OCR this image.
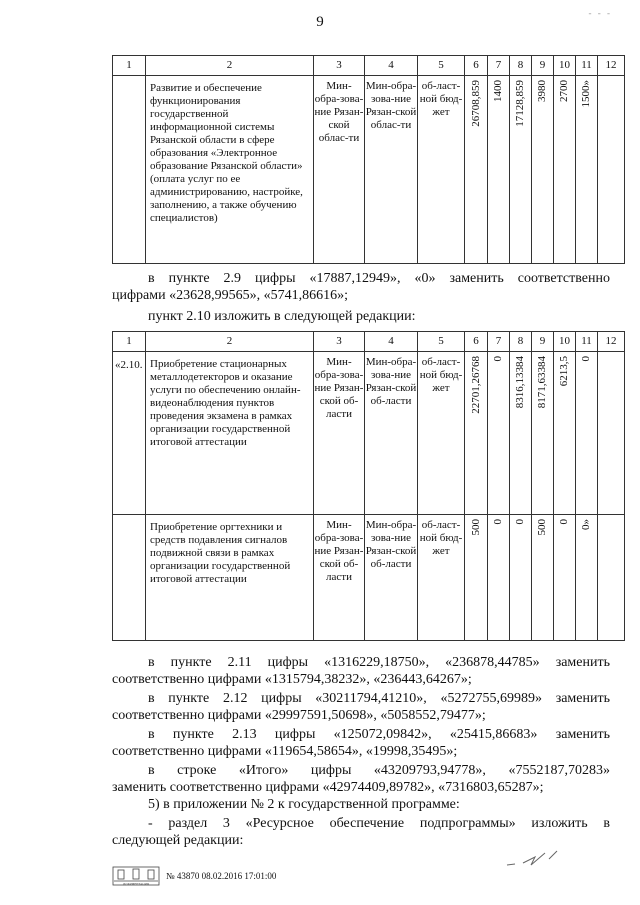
9
- - -
1	2	3	4	5	6	7	8	9	10	11	12
	Развитие и обеспечение функционирования государственной информационной системы Рязанской области в сфере образования «Электронное образование Рязанской области» (оплата услуг по ее администрированию, настройке, заполнению, а также обучению специалистов)	Мин-обра-зова-ние Рязан-ской облас-ти	Мин-обра-зова-ние Рязан-ской облас-ти	об-ласт-ной бюд-жет	26708,859	1400	17128,859	3980	2700	1500»	

в пункте 2.9 цифры «17887,12949», «0» заменить соответственно
цифрами «23628,99565», «5741,86616»;
пункт 2.10 изложить в следующей редакции:
1	2	3	4	5	6	7	8	9	10	11	12
«2.10.	Приобретение стационарных металлодетекторов и оказание услуги по обеспечению онлайн-видеонаблюдения пунктов проведения экзамена в рамках организации государственной итоговой аттестации	Мин-обра-зова-ние Рязан-ской об-ласти	Мин-обра-зова-ние Рязан-ской об-ласти	об-ласт-ной бюд-жет	22701,26768	0	8316,13384	8171,63384	6213,5	0	

	Приобретение оргтехники и средств подавления сигналов подвижной связи в рамках организации государственной итоговой аттестации	Мин-обра-зова-ние Рязан-ской об-ласти	Мин-обра-зова-ние Рязан-ской об-ласти	об-ласт-ной бюд-жет	500	0	0	500	0	0»	

в пункте 2.11 цифры «1316229,18750», «236878,44785» заменить
соответственно цифрами «1315794,38232», «236443,64267»;
в пункте 2.12 цифры «30211794,41210», «5272755,69989» заменить
соответственно цифрами «29997591,50698», «5058552,79477»;
в пункте 2.13 цифры «125072,09842», «25415,86683» заменить
соответственно цифрами «119654,58654», «19998,35495»;
в строке «Итого» цифры «43209793,94778», «7552187,70283»
заменить соответственно цифрами «42974409,89782», «7316803,65287»;
5) в приложении № 2 к государственной программе:
- раздел 3 «Ресурсное обеспечение подпрограммы» изложить в
следующей редакции:
ДОКУМЕНТАЦИЯ
№ 43870 08.02.2016 17:01:00
